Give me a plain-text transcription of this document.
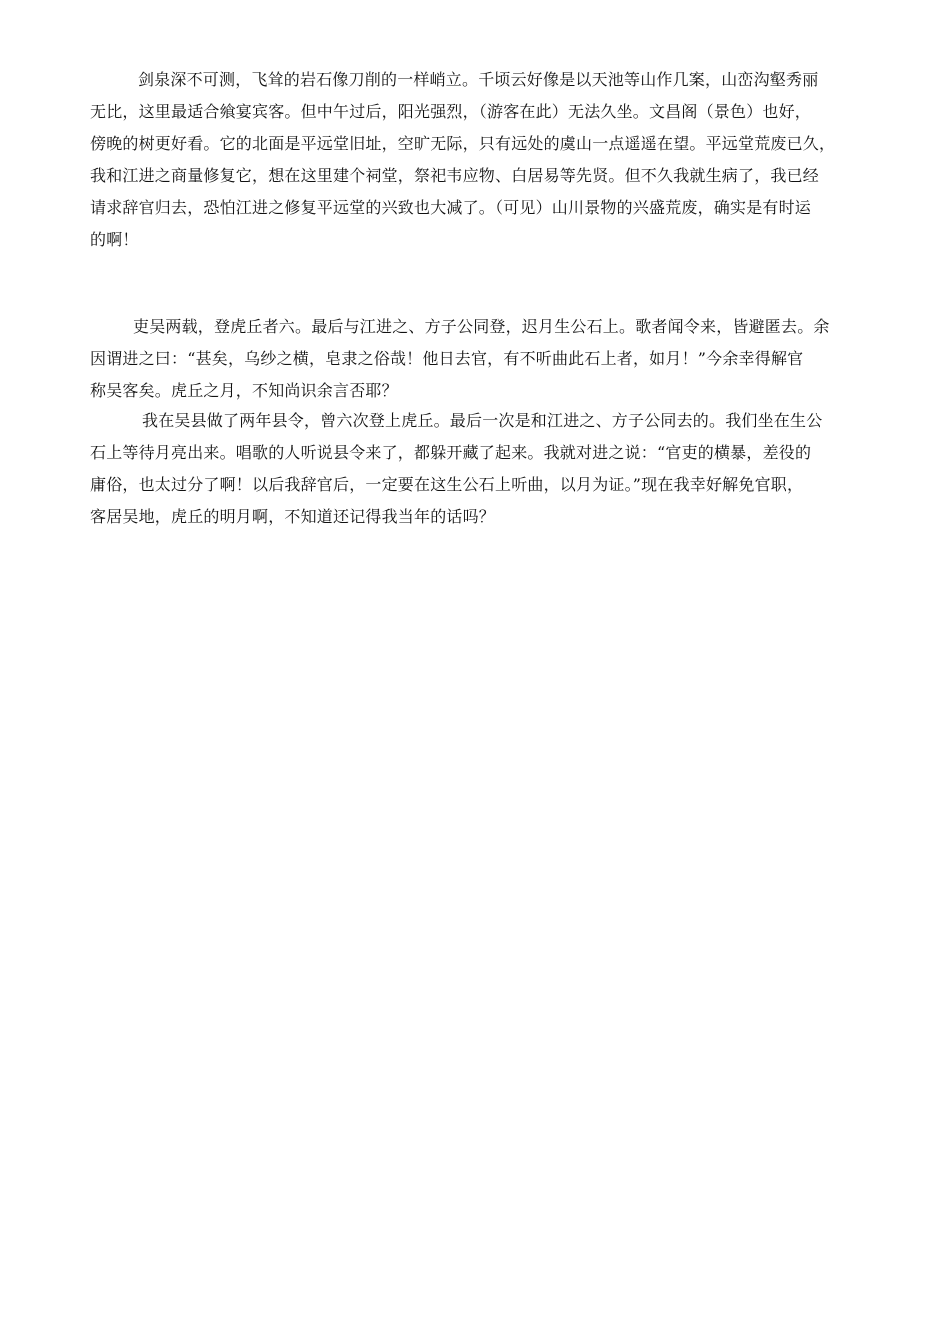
剑泉深不可测，飞耸的岩石像刀削的一样峭立。千顷云好像是以天池等山作几案，山峦沟壑秀丽
无比，这里最适合飨宴宾客。但中午过后，阳光强烈，（游客在此）无法久坐。文昌阁（景色）也好，
傍晚的树更好看。它的北面是平远堂旧址，空旷无际，只有远处的虞山一点遥遥在望。平远堂荒废已久，
我和江进之商量修复它，想在这里建个祠堂，祭祀韦应物、白居易等先贤。但不久我就生病了，我已经
请求辞官归去，恐怕江进之修复平远堂的兴致也大减了。（可见）山川景物的兴盛荒废，确实是有时运
的啊！
吏吴两载，登虎丘者六。最后与江进之、方子公同登，迟月生公石上。歌者闻令来，皆避匿去。余
因谓进之曰：“甚矣，乌纱之横，皂隶之俗哉！他日去官，有不听曲此石上者，如月！”今余幸得解官
称吴客矣。虎丘之月，不知尚识余言否耶？
我在吴县做了两年县令，曾六次登上虎丘。最后一次是和江进之、方子公同去的。我们坐在生公
石上等待月亮出来。唱歌的人听说县令来了，都躲开藏了起来。我就对进之说：“官吏的横暴，差役的
庸俗，也太过分了啊！以后我辞官后，一定要在这生公石上听曲，以月为证。”现在我幸好解免官职，
客居吴地，虎丘的明月啊，不知道还记得我当年的话吗？
